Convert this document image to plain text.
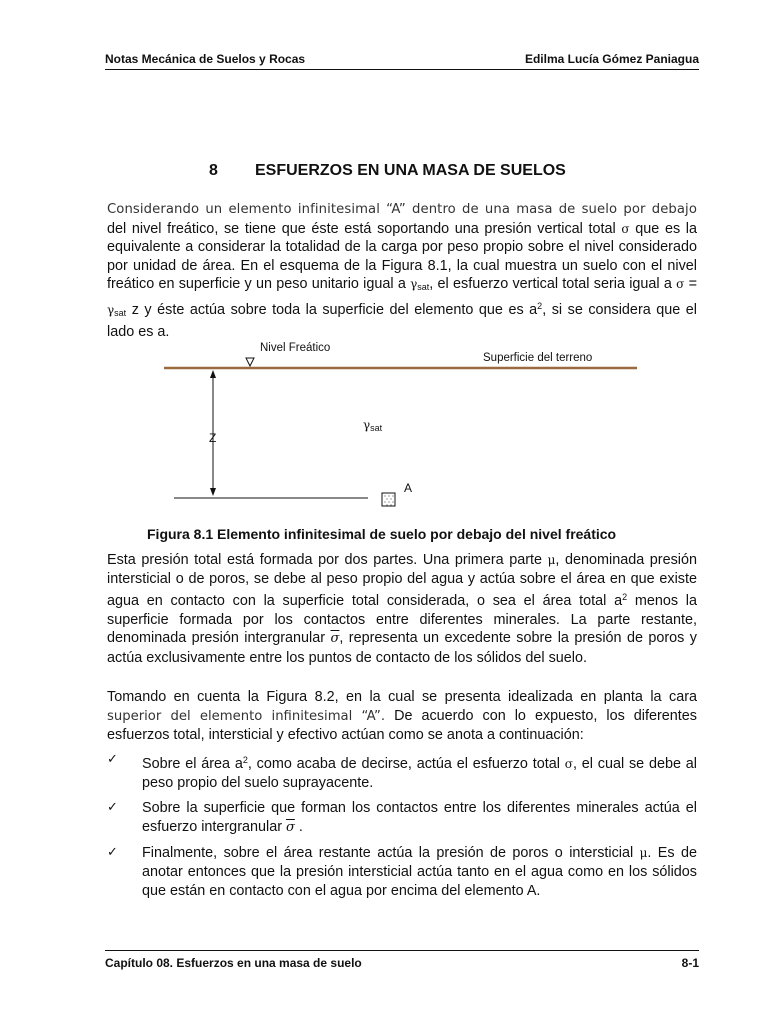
Notas Mecánica de Suelos y Rocas	Edilma Lucía Gómez Paniagua
8 ESFUERZOS EN UNA MASA DE SUELOS

Considerando un elemento infinitesimal “A” dentro de una masa de suelo por debajo del nivel freático, se tiene que éste está soportando una presión vertical total σ que es la equivalente a considerar la totalidad de la carga por peso propio sobre el nivel considerado por unidad de área. En el esquema de la Figura 8.1, la cual muestra un suelo con el nivel freático en superficie y un peso unitario igual a $\gamma_{sat}$, el esfuerzo vertical total seria igual a $\sigma = \gamma_{sat}$ z y éste actúa sobre toda la superficie del elemento que es $a^2$, si se considera que el lado es a.

Nivel Freático
Superficie del terreno
Z
$\gamma_{sat}$
A
Figura 8.1 Elemento infinitesimal de suelo por debajo del nivel freático

Esta presión total está formada por dos partes. Una primera parte μ, denominada presión intersticial o de poros, se debe al peso propio del agua y actúa sobre el área en que existe agua en contacto con la superficie total considerada, o sea el área total $a^2$ menos la superficie formada por los contactos entre diferentes minerales. La parte restante, denominada presión intergranular $\overline{\sigma}$, representa un excedente sobre la presión de poros y actúa exclusivamente entre los puntos de contacto de los sólidos del suelo.

Tomando en cuenta la Figura 8.2, en la cual se presenta idealizada en planta la cara superior del elemento infinitesimal “A”. De acuerdo con lo expuesto, los diferentes esfuerzos total, intersticial y efectivo actúan como se anota a continuación:

✓	Sobre el área $a^2$, como acaba de decirse, actúa el esfuerzo total σ, el cual se debe al peso propio del suelo suprayacente.
✓	Sobre la superficie que forman los contactos entre los diferentes minerales actúa el esfuerzo intergranular $\overline{\sigma}$ .
✓	Finalmente, sobre el área restante actúa la presión de poros o intersticial μ. Es de anotar entonces que la presión intersticial actúa tanto en el agua como en los sólidos que están en contacto con el agua por encima del elemento A.
Capítulo 08. Esfuerzos en una masa de suelo	8-1
